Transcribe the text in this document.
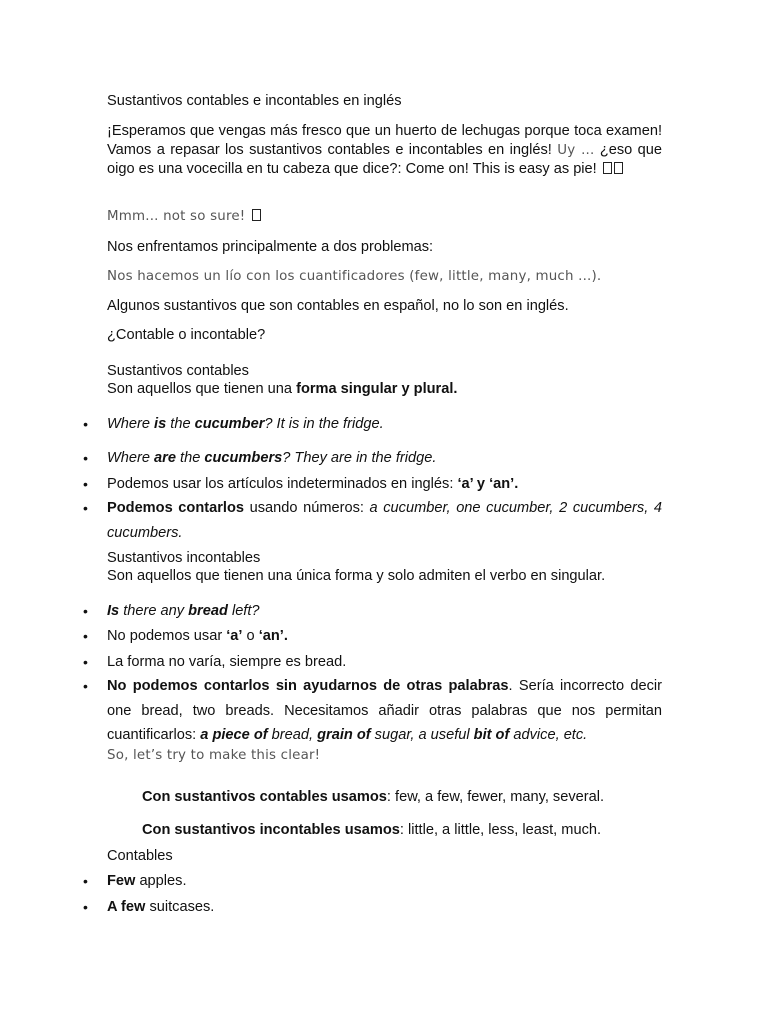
Sustantivos contables e incontables en inglés
¡Esperamos que vengas más fresco que un huerto de lechugas porque toca examen! Vamos a repasar los sustantivos contables e incontables en inglés! Uy ... ¿eso que oigo es una vocecilla en tu cabeza que dice?: Come on! This is easy as pie!
Mmm... not so sure!
Nos enfrentamos principalmente a dos problemas:
Nos hacemos un lío con los cuantificadores (few, little, many, much ...).
Algunos sustantivos que son contables en español, no lo son en inglés.
¿Contable o incontable?
Sustantivos contables
Son aquellos que tienen una forma singular y plural.
•	Where is the cucumber? It is in the fridge.
•	Where are the cucumbers? They are in the fridge.
•	Podemos usar los artículos indeterminados en inglés: ‘a’ y ‘an’.
•	Podemos contarlos usando números: a cucumber, one cucumber, 2 cucumbers, 4 cucumbers.
Sustantivos incontables
Son aquellos que tienen una única forma y solo admiten el verbo en singular.
•	Is there any bread left?
•	No podemos usar ‘a’ o ‘an’.
•	La forma no varía, siempre es bread.
•	No podemos contarlos sin ayudarnos de otras palabras. Sería incorrecto decir one bread, two breads. Necesitamos añadir otras palabras que nos permitan cuantificarlos: a piece of bread, grain of sugar, a useful bit of advice, etc.
So, let’s try to make this clear!
Con sustantivos contables usamos: few, a few, fewer, many, several.
Con sustantivos incontables usamos: little, a little, less, least, much.
Contables
•	Few apples.
•	A few suitcases.
